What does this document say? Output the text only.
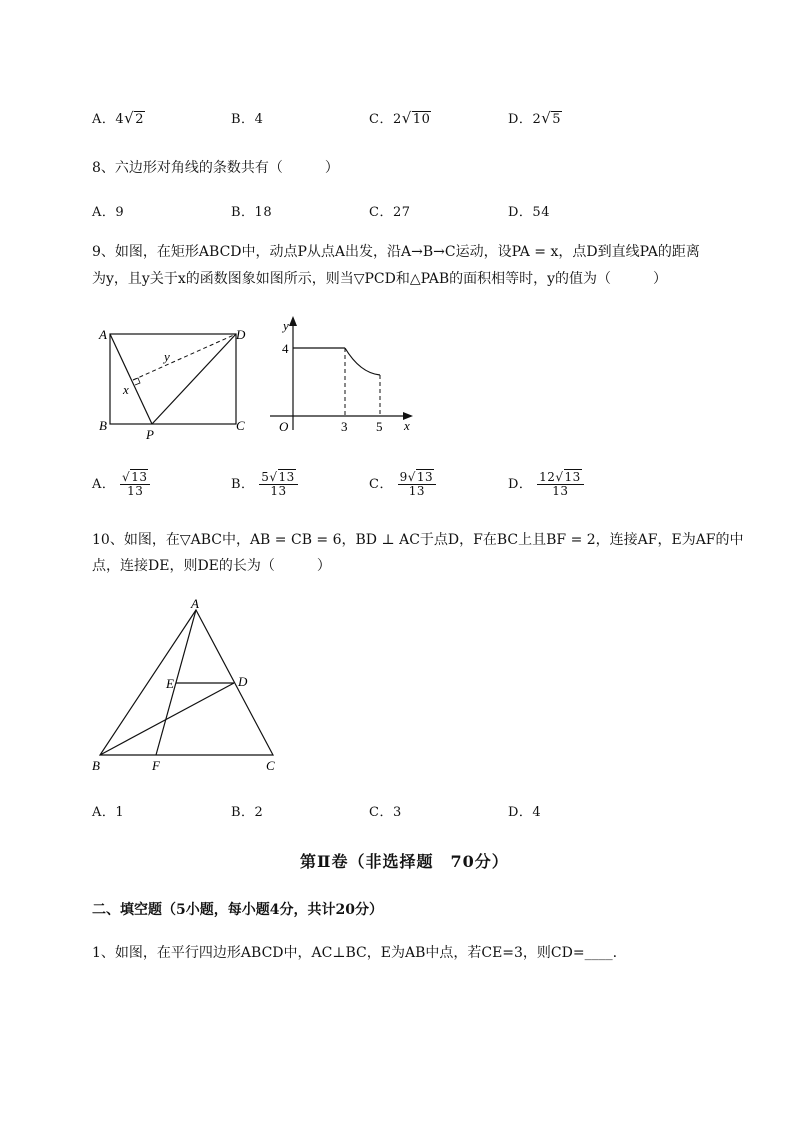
A．4√2	B．4	C．2√10	D．2√5
8、六边形对角线的条数共有（　　　）
A．9	B．18	C．27	D．54
9、如图，在矩形ABCD中，动点P从点A出发，沿A→B→C运动，设PA = x，点D到直线PA的距离
为y，且y关于x的函数图象如图所示，则当▽PCD和△PAB的面积相等时，y的值为（　　　）
A
B	C
D
P
x
y
y
x
O
4
3 5
A． $\frac{√13}{13}$	B． $\frac{5√13}{13}$	C． $\frac{9√13}{13}$	D． $\frac{12√13}{13}$
10、如图，在▽ABC中，AB = CB = 6，BD ⊥ AC于点D，F在BC上且BF = 2，连接AF，E为AF的中
点，连接DE，则DE的长为（　　　）
A
B	C
D
E
F
A．1	B．2	C．3	D．4
第Ⅱ卷（非选择题　70分）
二、填空题（5小题，每小题4分，共计20分）
1、如图，在平行四边形ABCD中，AC⊥BC，E为AB中点，若CE=3，则CD=____.
